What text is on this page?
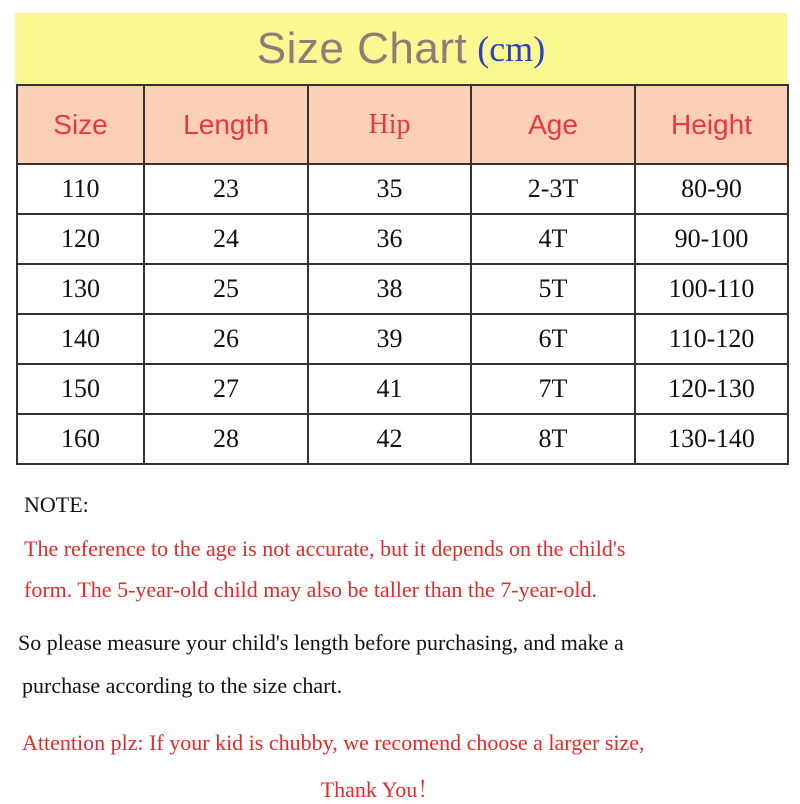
Size Chart (cm)
Size	Length	Hip	Age	Height
110	23	35	2-3T	80-90
120	24	36	4T	90-100
130	25	38	5T	100-110
140	26	39	6T	110-120
150	27	41	7T	120-130
160	28	42	8T	130-140
NOTE:
The reference to the age is not accurate, but it depends on the child's
form. The 5-year-old child may also be taller than the 7-year-old.
So please measure your child's length before purchasing, and make a
purchase according to the size chart.
Attention plz: If your kid is chubby, we recomend choose a larger size,
Thank You！
